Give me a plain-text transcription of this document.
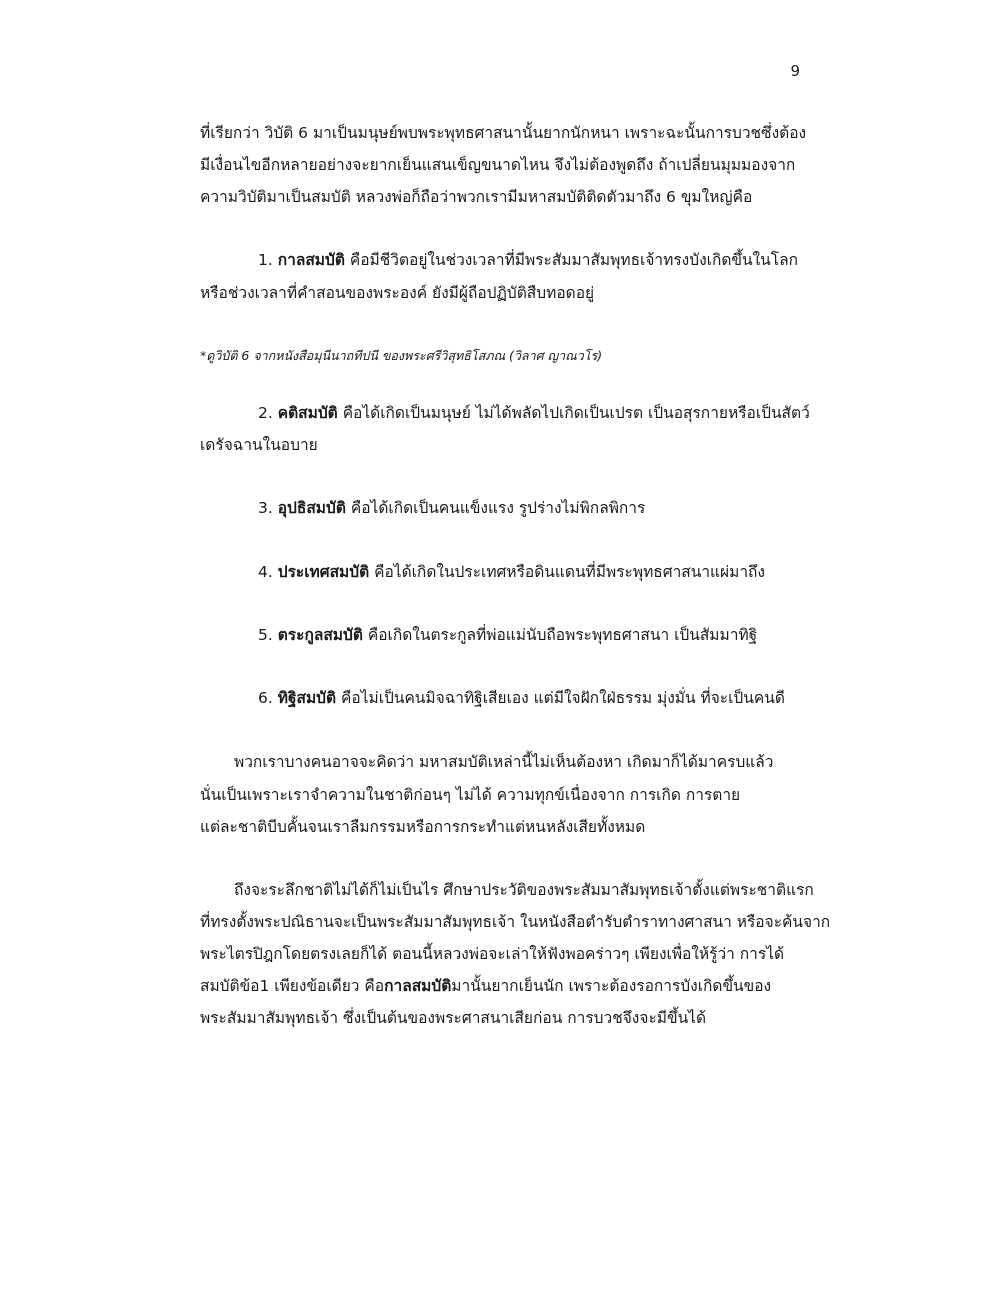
9
ที่เรียกว่า วิบัติ 6 มาเป็นมนุษย์พบพระพุทธศาสนานั้นยากนักหนา เพราะฉะนั้นการบวชซึ่งต้อง
มีเงื่อนไขอีกหลายอย่างจะยากเย็นแสนเข็ญขนาดไหน จึงไม่ต้องพูดถึง ถ้าเปลี่ยนมุมมองจาก
ความวิบัติมาเป็นสมบัติ หลวงพ่อก็ถือว่าพวกเรามีมหาสมบัติติดตัวมาถึง 6 ขุมใหญ่คือ
1. กาลสมบัติ คือมีชีวิตอยู่ในช่วงเวลาที่มีพระสัมมาสัมพุทธเจ้าทรงบังเกิดขึ้นในโลก
หรือช่วงเวลาที่คำสอนของพระองค์ ยังมีผู้ถือปฏิบัติสืบทอดอยู่
*ดูวิบัติ 6 จากหนังสือมุนีนาถทีปนี ของพระศรีวิสุทธิโสภณ (วิลาศ ญาณวโร)
2. คติสมบัติ คือได้เกิดเป็นมนุษย์ ไม่ได้พลัดไปเกิดเป็นเปรต เป็นอสุรกายหรือเป็นสัตว์
เดรัจฉานในอบาย
3. อุปธิสมบัติ คือได้เกิดเป็นคนแข็งแรง รูปร่างไม่พิกลพิการ
4. ประเทศสมบัติ คือได้เกิดในประเทศหรือดินแดนที่มีพระพุทธศาสนาแผ่มาถึง
5. ตระกูลสมบัติ คือเกิดในตระกูลที่พ่อแม่นับถือพระพุทธศาสนา เป็นสัมมาทิฐิ
6. ทิฐิสมบัติ คือไม่เป็นคนมิจฉาทิฐิเสียเอง แต่มีใจฝักใฝ่ธรรม มุ่งมั่น ที่จะเป็นคนดี
พวกเราบางคนอาจจะคิดว่า มหาสมบัติเหล่านี้ไม่เห็นต้องหา เกิดมาก็ได้มาครบแล้ว
นั่นเป็นเพราะเราจำความในชาติก่อนๆ ไม่ได้ ความทุกข์เนื่องจาก การเกิด การตาย
แต่ละชาติบีบคั้นจนเราลืมกรรมหรือการกระทำแต่หนหลังเสียทั้งหมด
ถึงจะระลึกชาติไม่ได้ก็ไม่เป็นไร ศึกษาประวัติของพระสัมมาสัมพุทธเจ้าตั้งแต่พระชาติแรก
ที่ทรงตั้งพระปณิธานจะเป็นพระสัมมาสัมพุทธเจ้า ในหนังสือตำรับตำราทางศาสนา หรือจะค้นจาก
พระไตรปิฎกโดยตรงเลยก็ได้ ตอนนี้หลวงพ่อจะเล่าให้ฟังพอคร่าวๆ เพียงเพื่อให้รู้ว่า การได้
สมบัติข้อ1 เพียงข้อเดียว คือกาลสมบัติมานั้นยากเย็นนัก เพราะต้องรอการบังเกิดขึ้นของ
พระสัมมาสัมพุทธเจ้า ซึ่งเป็นต้นของพระศาสนาเสียก่อน การบวชจึงจะมีขึ้นได้
